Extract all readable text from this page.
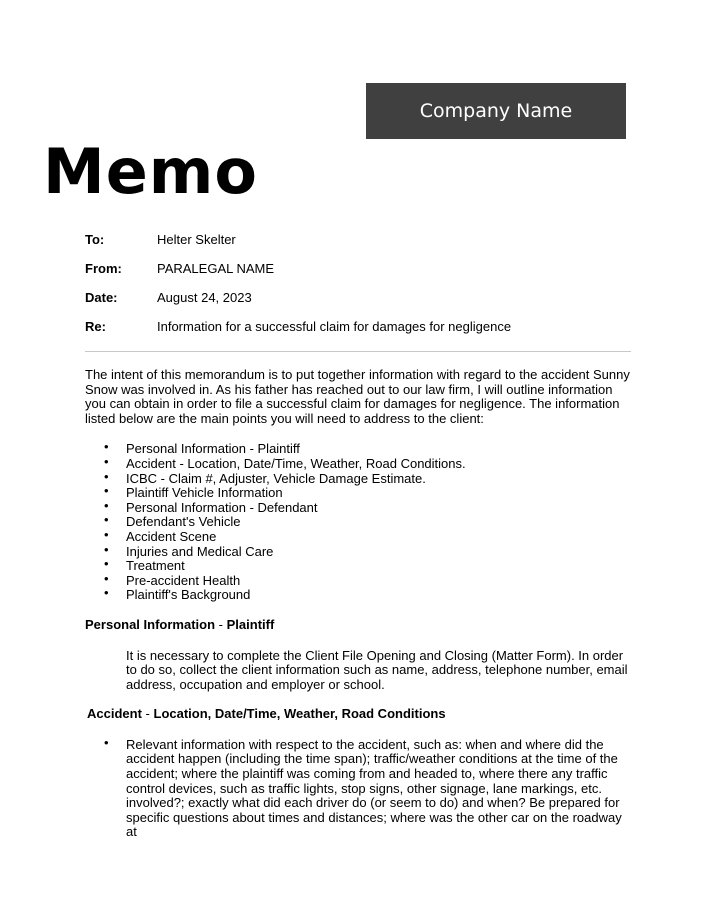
Company Name
Memo
To:	Helter Skelter
From:	PARALEGAL NAME
Date:	August 24, 2023
Re:	Information for a successful claim for damages for negligence

The intent of this memorandum is to put together information with regard to the accident Sunny Snow was involved in. As his father has reached out to our law firm, I will outline information you can obtain in order to file a successful claim for damages for negligence. The information listed below are the main points you will need to address to the client:

• Personal Information - Plaintiff
• Accident - Location, Date/Time, Weather, Road Conditions.
• ICBC - Claim #, Adjuster, Vehicle Damage Estimate.
• Plaintiff Vehicle Information
• Personal Information - Defendant
• Defendant's Vehicle
• Accident Scene
• Injuries and Medical Care
• Treatment
• Pre-accident Health
• Plaintiff's Background

Personal Information - Plaintiff

It is necessary to complete the Client File Opening and Closing (Matter Form). In order to do so, collect the client information such as name, address, telephone number, email address, occupation and employer or school.

Accident - Location, Date/Time, Weather, Road Conditions

• Relevant information with respect to the accident, such as: when and where did the accident happen (including the time span); traffic/weather conditions at the time of the accident; where the plaintiff was coming from and headed to, where there any traffic control devices, such as traffic lights, stop signs, other signage, lane markings, etc. involved?; exactly what did each driver do (or seem to do) and when? Be prepared for specific questions about times and distances; where was the other car on the roadway at
